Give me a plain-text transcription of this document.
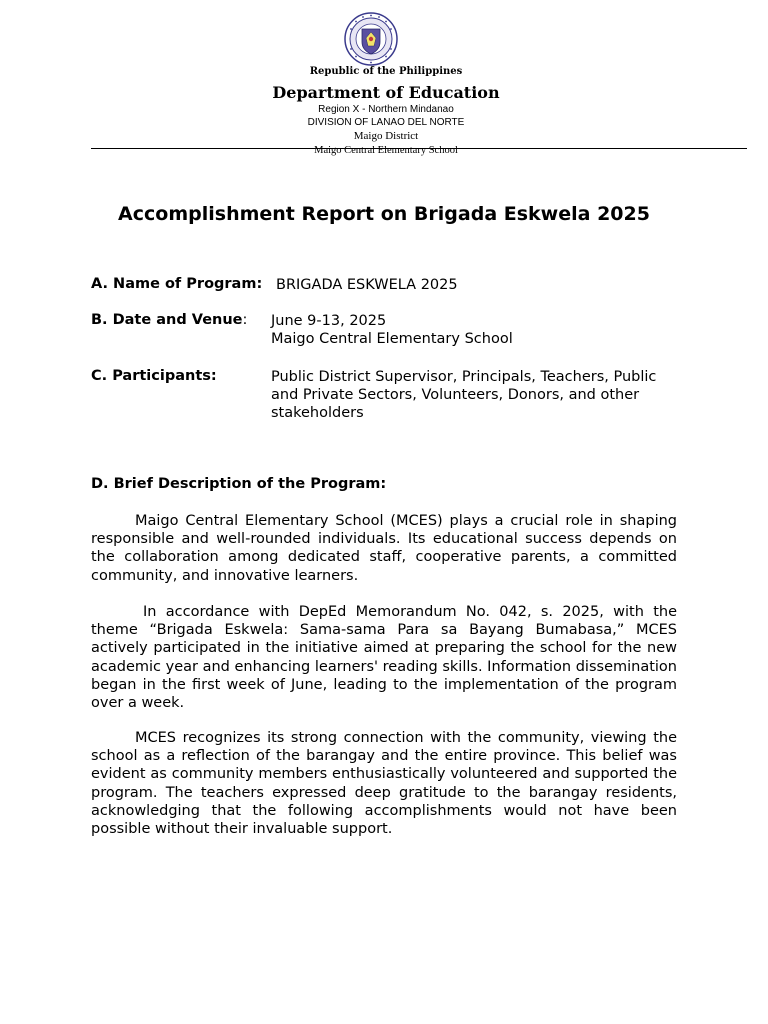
Republic of the Philippines
Department of Education
Region X - Northern Mindanao
DIVISION OF LANAO DEL NORTE
Maigo District
Maigo Central Elementary School
Accomplishment Report on Brigada Eskwela 2025
A. Name of Program: BRIGADA ESKWELA 2025
B. Date and Venue: June 9-13, 2025
Maigo Central Elementary School
C. Participants:	Public District Supervisor, Principals, Teachers, Public
and Private Sectors, Volunteers, Donors, and other
stakeholders
D. Brief Description of the Program:

Maigo Central Elementary School (MCES) plays a crucial role in shaping responsible and well-rounded individuals. Its educational success depends on the collaboration among dedicated staff, cooperative parents, a committed community, and innovative learners.

In accordance with DepEd Memorandum No. 042, s. 2025, with the theme “Brigada Eskwela: Sama-sama Para sa Bayang Bumabasa,” MCES actively participated in the initiative aimed at preparing the school for the new academic year and enhancing learners' reading skills. Information dissemination began in the first week of June, leading to the implementation of the program over a week.

MCES recognizes its strong connection with the community, viewing the school as a reflection of the barangay and the entire province. This belief was evident as community members enthusiastically volunteered and supported the program. The teachers expressed deep gratitude to the barangay residents, acknowledging that the following accomplishments would not have been possible without their invaluable support.
